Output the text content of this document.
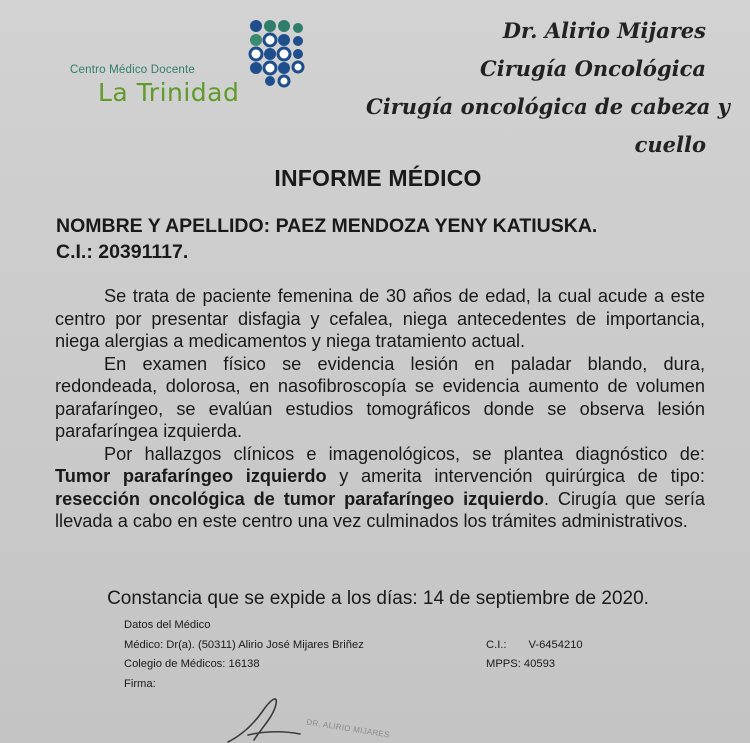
Centro Médico Docente
La Trinidad
Dr. Alirio Mijares
Cirugía Oncológica
Cirugía oncológica de cabeza y
cuello
INFORME MÉDICO
NOMBRE Y APELLIDO: PAEZ MENDOZA YENY KATIUSKA.
C.I.: 20391117.

Se trata de paciente femenina de 30 años de edad, la cual acude a este centro por presentar disfagia y cefalea, niega antecedentes de importancia, niega alergias a medicamentos y niega tratamiento actual.

En examen físico se evidencia lesión en paladar blando, dura, redondeada, dolorosa, en nasofibroscopía se evidencia aumento de volumen parafaríngeo, se evalúan estudios tomográficos donde se observa lesión parafaríngea izquierda.

Por hallazgos clínicos e imagenológicos, se plantea diagnóstico de: Tumor parafaríngeo izquierdo y amerita intervención quirúrgica de tipo: resección oncológica de tumor parafaríngeo izquierdo. Cirugía que sería llevada a cabo en este centro una vez culminados los trámites administrativos.

Constancia que se expide a los días: 14 de septiembre de 2020.
Datos del Médico
Médico: Dr(a). (50311) Alirio José Mijares Briñez	C.I.: V-6454210
Colegio de Médicos: 16138	MPPS: 40593
Firma:
DR. ALIRIO MIJARES
